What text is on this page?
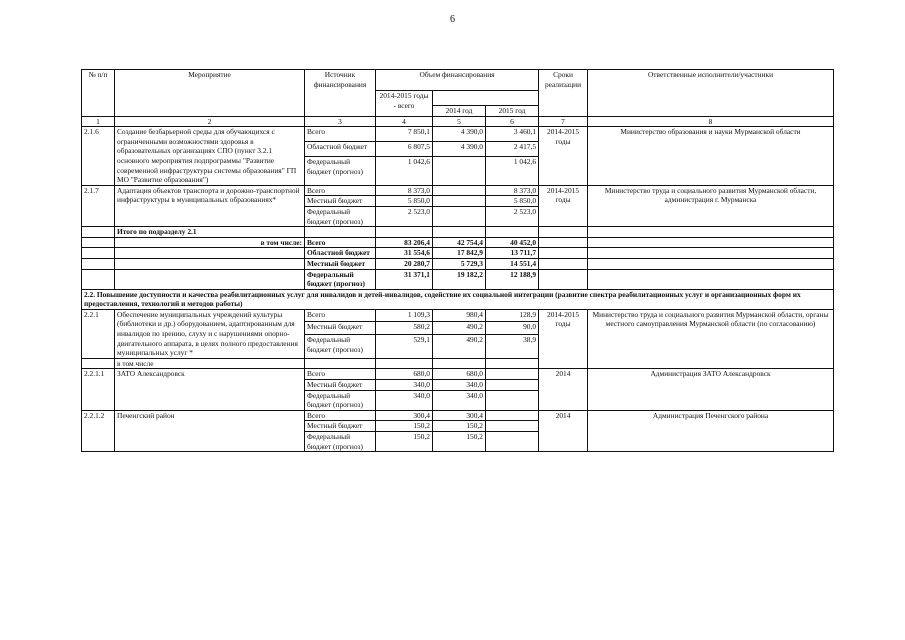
6
№ п/п	Мероприятие	Источник финансирования	Объем финансирования			Сроки реализации	Ответственные исполнители/участники
			2014-2015 годы - всего				
				2014 год	2015 год		
1	2	3	4	5	6	7	8
2.1.6	Создание безбарьерной среды для обучающихся с ограниченными возможностями здоровья в образовательных организациях СПО (пункт 3.2.1 основного мероприятия подпрограммы "Развитие современной инфраструктуры системы образования" ГП МО "Развитие образования")	Всего	7 850,1	4 390,0	3 460,1	2014-2015 годы	Министерство образования и науки Мурманской области
		Областной бюджет	6 807,5	4 390,0	2 417,5		
		Федеральный бюджет (прогноз)	1 042,6		1 042,6		
2.1.7	Адаптация объектов транспорта и дорожно-транспортной инфраструктуры в муниципальных образованиях*	Всего	8 373,0		8 373,0	2014-2015 годы	Министерство труда и социального развития Мурманской области, администрация г. Мурманска
		Местный бюджет	5 850,0		5 850,0		
		Федеральный бюджет (прогноз)	2 523,0		2 523,0		
	Итого по подразделу 2.1						
	в том числе:	Всего	83 206,4	42 754,4	40 452,0		
		Областной бюджет	31 554,6	17 842,9	13 711,7		
		Местный бюджет	20 280,7	5 729,3	14 551,4		
		Федеральный бюджет (прогноз)	31 371,1	19 182,2	12 188,9		
2.2. Повышение доступности и качества реабилитационных услуг для инвалидов и детей-инвалидов, содействие их социальной интеграции (развитие спектра реабилитационных услуг и организационных форм их предоставления, технологий и методов работы)							
2.2.1	Обеспечение муниципальных учреждений культуры (библиотеки и др.) оборудованием, адаптированным для инвалидов по зрению, слуху и с нарушениями опорно-двигательного аппарата, в целях полного предоставления муниципальных услуг *	Всего	1 109,3	980,4	128,9	2014-2015 годы	Министерство труда и социального развития Мурманской области, органы местного самоуправления Мурманской области (по согласованию)
		Местный бюджет	580,2	490,2	90,0		
		Федеральный бюджет (прогноз)	529,1	490,2	38,9		
	в том числе						
2.2.1.1	ЗАТО Александровск	Всего	680,0	680,0		2014	Администрация ЗАТО Александровск
		Местный бюджет	340,0	340,0			
		Федеральный бюджет (прогноз)	340,0	340,0			
2.2.1.2	Печенгский район	Всего	300,4	300,4		2014	Администрация Печенгского района
		Местный бюджет	150,2	150,2			
		Федеральный бюджет (прогноз)	150,2	150,2			
